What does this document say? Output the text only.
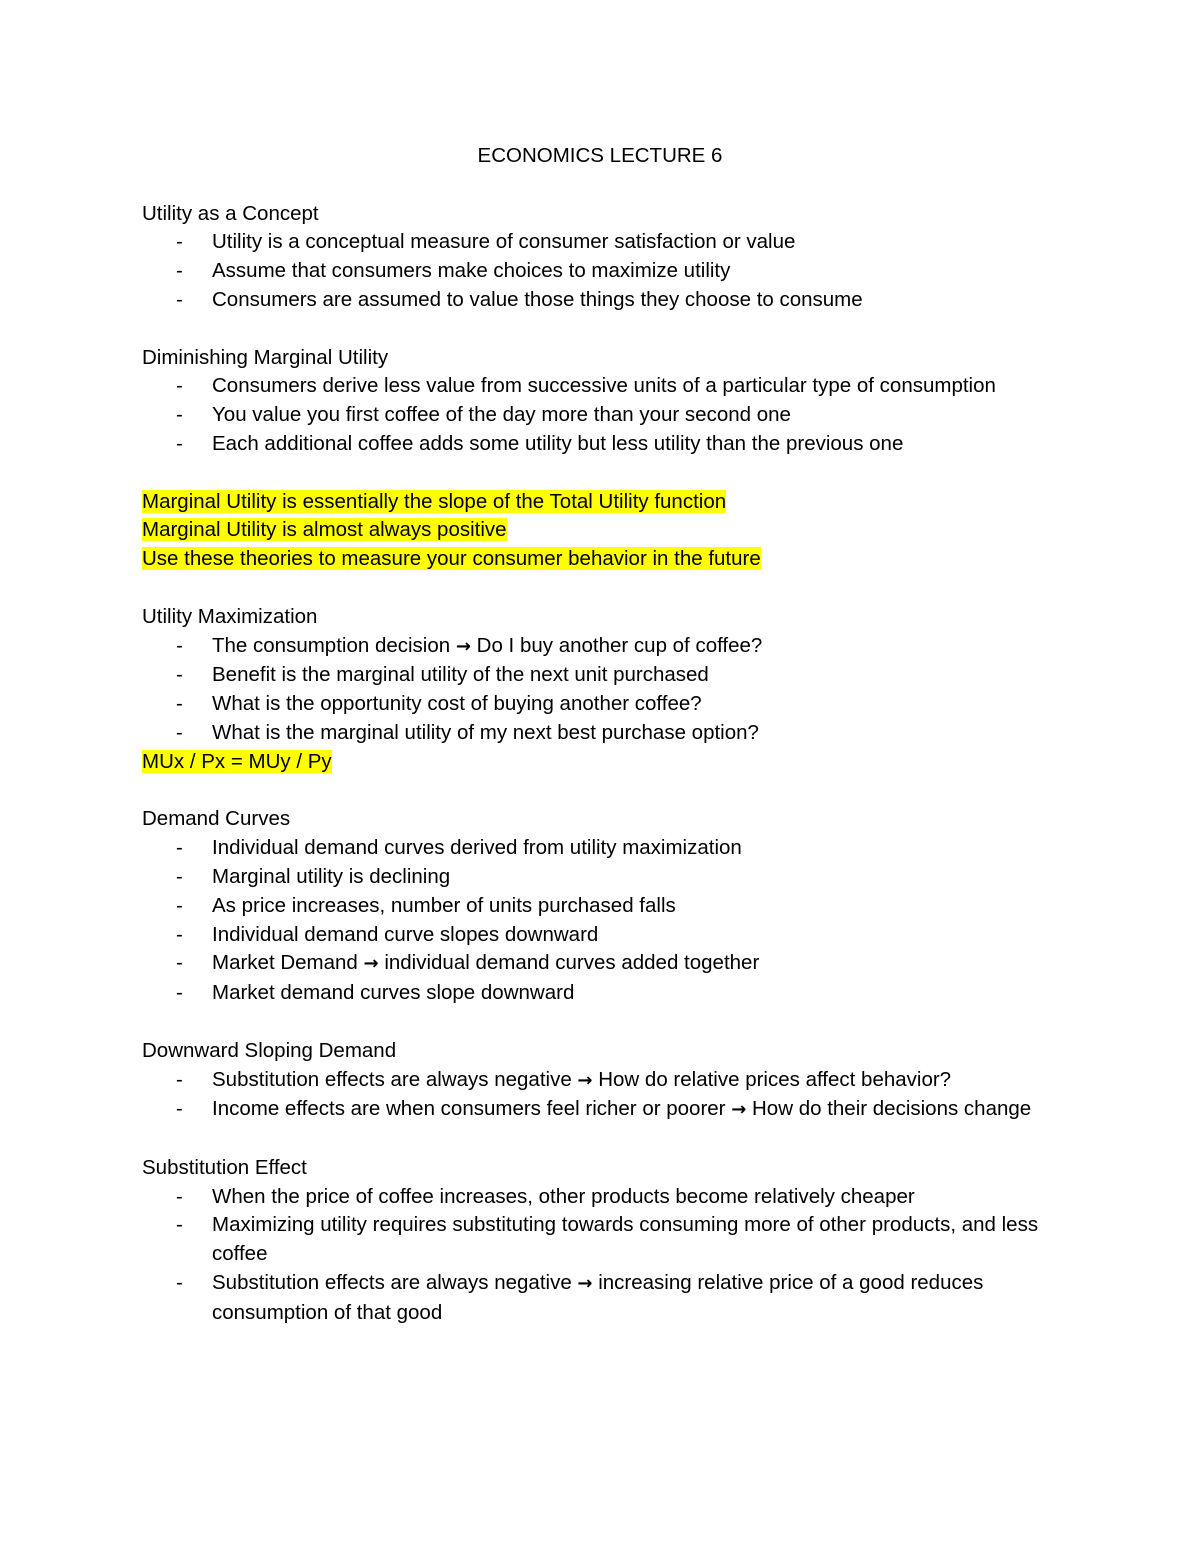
ECONOMICS LECTURE 6

Utility as a Concept

- Utility is a conceptual measure of consumer satisfaction or value
- Assume that consumers make choices to maximize utility
- Consumers are assumed to value those things they choose to consume

Diminishing Marginal Utility

- Consumers derive less value from successive units of a particular type of consumption
- You value you first coffee of the day more than your second one
- Each additional coffee adds some utility but less utility than the previous one

Marginal Utility is essentially the slope of the Total Utility function

Marginal Utility is almost always positive

Use these theories to measure your consumer behavior in the future

Utility Maximization

- The consumption decision → Do I buy another cup of coffee?
- Benefit is the marginal utility of the next unit purchased
- What is the opportunity cost of buying another coffee?
- What is the marginal utility of my next best purchase option?

MUx / Px = MUy / Py

Demand Curves

- Individual demand curves derived from utility maximization
- Marginal utility is declining
- As price increases, number of units purchased falls
- Individual demand curve slopes downward
- Market Demand → individual demand curves added together
- Market demand curves slope downward

Downward Sloping Demand

- Substitution effects are always negative → How do relative prices affect behavior?
- Income effects are when consumers feel richer or poorer → How do their decisions change

Substitution Effect

- When the price of coffee increases, other products become relatively cheaper
- Maximizing utility requires substituting towards consuming more of other products, and less coffee
- Substitution effects are always negative → increasing relative price of a good reduces consumption of that good
